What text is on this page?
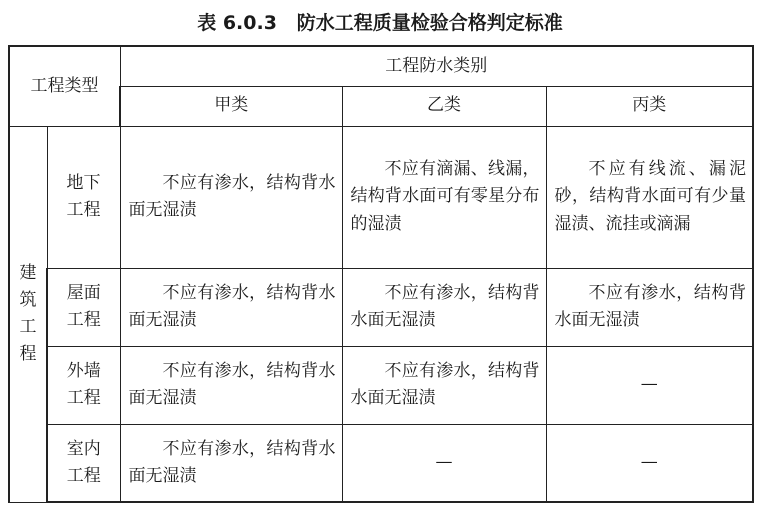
表 6.0.3   防水工程质量检验合格判定标准
工程类型		工程防水类别		
		甲类	乙类	丙类

建筑工程	地下工程	不应有渗水，结构背水面无湿渍	不应有滴漏、线漏，结构背水面可有零星分布的湿渍	不应有线流、漏泥砂，结构背水面可有少量湿渍、流挂或滴漏

	屋面工程	不应有渗水，结构背水面无湿渍	不应有渗水，结构背水面无湿渍	不应有渗水，结构背水面无湿渍

	外墙工程	不应有渗水，结构背水面无湿渍	不应有渗水，结构背水面无湿渍	—

	室内工程	不应有渗水，结构背水面无湿渍	—	—
